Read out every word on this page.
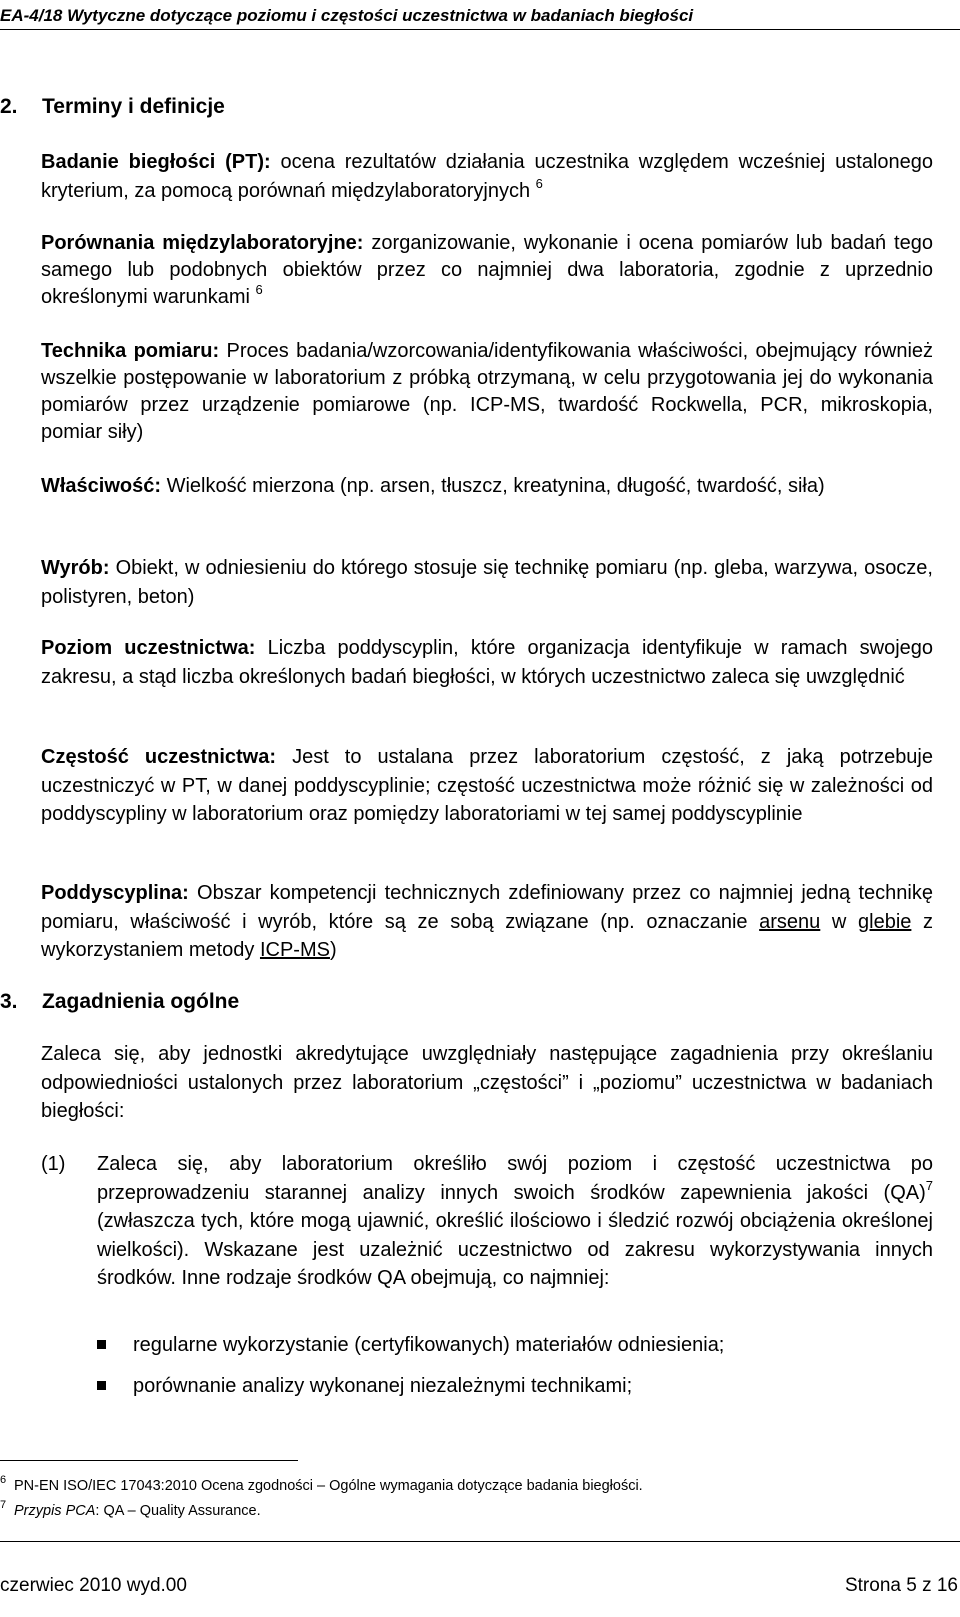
EA-4/18 Wytyczne dotyczące poziomu i częstości uczestnictwa w badaniach biegłości
2. Terminy i definicje
Badanie biegłości (PT): ocena rezultatów działania uczestnika względem wcześniej ustalonego kryterium, za pomocą porównań międzylaboratoryjnych $^6$
Porównania międzylaboratoryjne: zorganizowanie, wykonanie i ocena pomiarów lub badań tego samego lub podobnych obiektów przez co najmniej dwa laboratoria, zgodnie z uprzednio określonymi warunkami $^6$
Technika pomiaru: Proces badania/wzorcowania/identyfikowania właściwości, obejmujący również wszelkie postępowanie w laboratorium z próbką otrzymaną, w celu przygotowania jej do wykonania pomiarów przez urządzenie pomiarowe (np. ICP-MS, twardość Rockwella, PCR, mikroskopia, pomiar siły)
Właściwość: Wielkość mierzona (np. arsen, tłuszcz, kreatynina, długość, twardość, siła)
Wyrób: Obiekt, w odniesieniu do którego stosuje się technikę pomiaru (np. gleba, warzywa, osocze, polistyren, beton)
Poziom uczestnictwa: Liczba poddyscyplin, które organizacja identyfikuje w ramach swojego zakresu, a stąd liczba określonych badań biegłości, w których uczestnictwo zaleca się uwzględnić
Częstość uczestnictwa: Jest to ustalana przez laboratorium częstość, z jaką potrzebuje uczestniczyć w PT, w danej poddyscyplinie; częstość uczestnictwa może różnić się w zależności od poddyscypliny w laboratorium oraz pomiędzy laboratoriami w tej samej poddyscyplinie
Poddyscyplina: Obszar kompetencji technicznych zdefiniowany przez co najmniej jedną technikę pomiaru, właściwość i wyrób, które są ze sobą związane (np. oznaczanie arsenu w glebie z wykorzystaniem metody ICP-MS)
3. Zagadnienia ogólne
Zaleca się, aby jednostki akredytujące uwzględniały następujące zagadnienia przy określaniu odpowiedniości ustalonych przez laboratorium „częstości” i „poziomu” uczestnictwa w badaniach biegłości:
(1) Zaleca się, aby laboratorium określiło swój poziom i częstość uczestnictwa po przeprowadzeniu starannej analizy innych swoich środków zapewnienia jakości (QA)$^7$ (zwłaszcza tych, które mogą ujawnić, określić ilościowo i śledzić rozwój obciążenia określonej wielkości). Wskazane jest uzależnić uczestnictwo od zakresu wykorzystywania innych środków. Inne rodzaje środków QA obejmują, co najmniej:
regularne wykorzystanie (certyfikowanych) materiałów odniesienia;
porównanie analizy wykonanej niezależnymi technikami;
$^6$ PN-EN ISO/IEC 17043:2010 Ocena zgodności – Ogólne wymagania dotyczące badania biegłości.
$^7$ Przypis PCA: QA – Quality Assurance.
czerwiec 2010 wyd.00	Strona 5 z 16
